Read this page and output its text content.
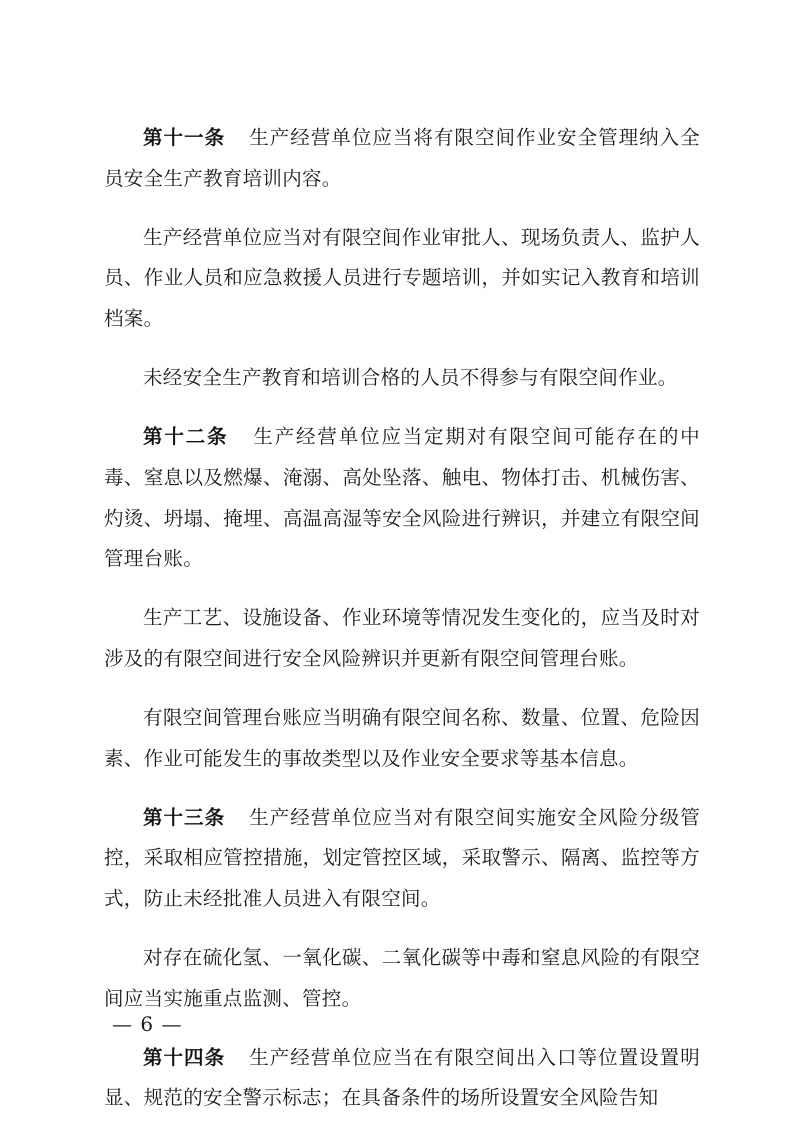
第十一条 生产经营单位应当将有限空间作业安全管理纳入全员安全生产教育培训内容。

生产经营单位应当对有限空间作业审批人、现场负责人、监护人员、作业人员和应急救援人员进行专题培训，并如实记入教育和培训档案。

未经安全生产教育和培训合格的人员不得参与有限空间作业。

第十二条 生产经营单位应当定期对有限空间可能存在的中毒、窒息以及燃爆、淹溺、高处坠落、触电、物体打击、机械伤害、灼烫、坍塌、掩埋、高温高湿等安全风险进行辨识，并建立有限空间管理台账。

生产工艺、设施设备、作业环境等情况发生变化的，应当及时对涉及的有限空间进行安全风险辨识并更新有限空间管理台账。

有限空间管理台账应当明确有限空间名称、数量、位置、危险因素、作业可能发生的事故类型以及作业安全要求等基本信息。

第十三条 生产经营单位应当对有限空间实施安全风险分级管控，采取相应管控措施，划定管控区域，采取警示、隔离、监控等方式，防止未经批准人员进入有限空间。

对存在硫化氢、一氧化碳、二氧化碳等中毒和窒息风险的有限空间应当实施重点监测、管控。

第十四条 生产经营单位应当在有限空间出入口等位置设置明显、规范的安全警示标志；在具备条件的场所设置安全风险告知

— 6 —
